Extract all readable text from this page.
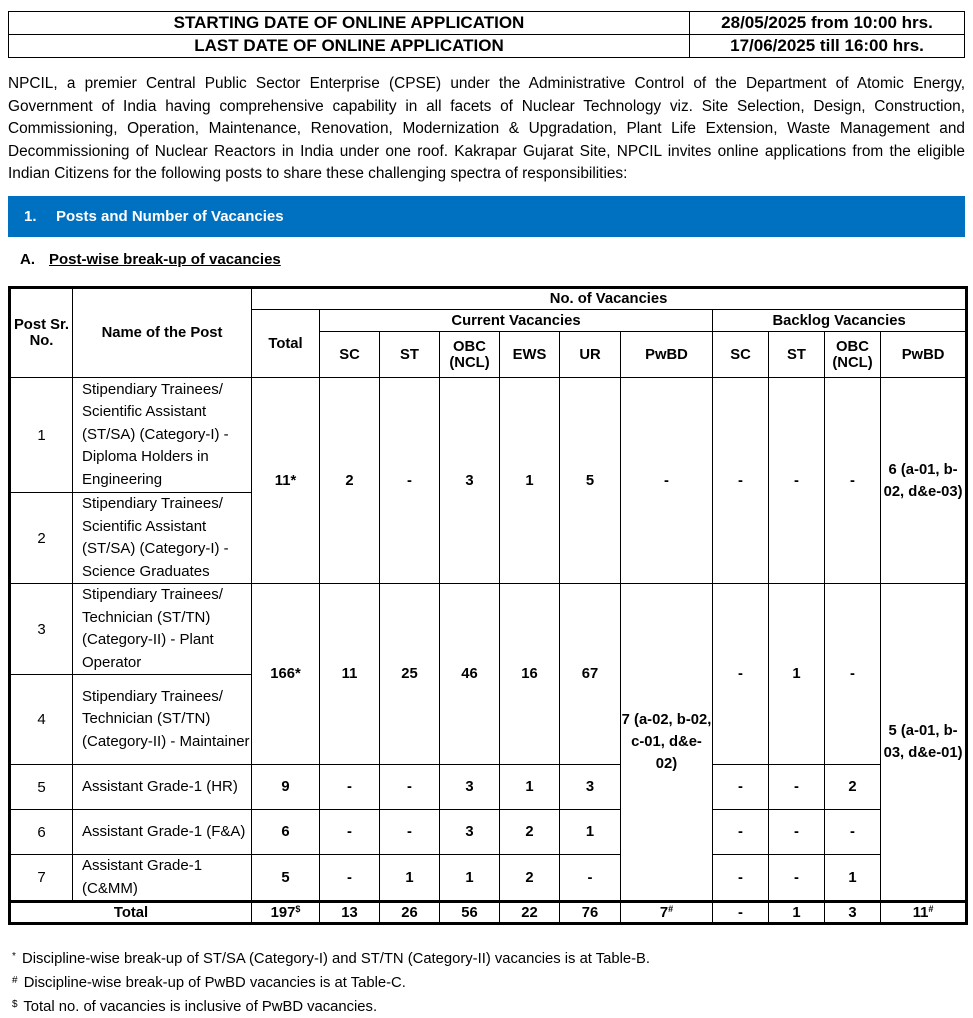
STARTING DATE OF ONLINE APPLICATION	28/05/2025 from 10:00 hrs.
LAST DATE OF ONLINE APPLICATION	17/06/2025 till 16:00 hrs.

NPCIL, a premier Central Public Sector Enterprise (CPSE) under the Administrative Control of the Department of Atomic Energy, Government of India having comprehensive capability in all facets of Nuclear Technology viz. Site Selection, Design, Construction, Commissioning, Operation, Maintenance, Renovation, Modernization & Upgradation, Plant Life Extension, Waste Management and Decommissioning of Nuclear Reactors in India under one roof. Kakrapar Gujarat Site, NPCIL invites online applications from the eligible Indian Citizens for the following posts to share these challenging spectra of responsibilities:

1. Posts and Number of Vacancies
A. Post-wise break-up of vacancies
Post Sr. No.	Name of the Post	No. of Vacancies										
		Total	Current Vacancies						Backlog Vacancies			
			SC	ST	OBC (NCL)	EWS	UR	PwBD	SC	ST	OBC (NCL)	PwBD
1	Stipendiary Trainees/ Scientific Assistant (ST/SA) (Category-I) - Diploma Holders in Engineering	11*	2	-	3	1	5	-	-	-	-	6 (a-01, b-02, d&e-03)
2	Stipendiary Trainees/ Scientific Assistant (ST/SA) (Category-I) - Science Graduates											
3	Stipendiary Trainees/ Technician (ST/TN) (Category-II) - Plant Operator	166*	11	25	46	16	67	7 (a-02, b-02, c-01, d&e-02)	-	1	-	5 (a-01, b-03, d&e-01)
4	Stipendiary Trainees/ Technician (ST/TN) (Category-II) - Maintainer											
5	Assistant Grade-1 (HR)	9	-	-	3	1	3		-	-	2	
6	Assistant Grade-1 (F&A)	6	-	-	3	2	1		-	-	-	
7	Assistant Grade-1 (C&MM)	5	-	1	1	2	-		-	-	1	
Total		197$	13	26	56	22	76	7#	-	1	3	11#
* Discipline-wise break-up of ST/SA (Category-I) and ST/TN (Category-II) vacancies is at Table-B.
# Discipline-wise break-up of PwBD vacancies is at Table-C.
$ Total no. of vacancies is inclusive of PwBD vacancies.
